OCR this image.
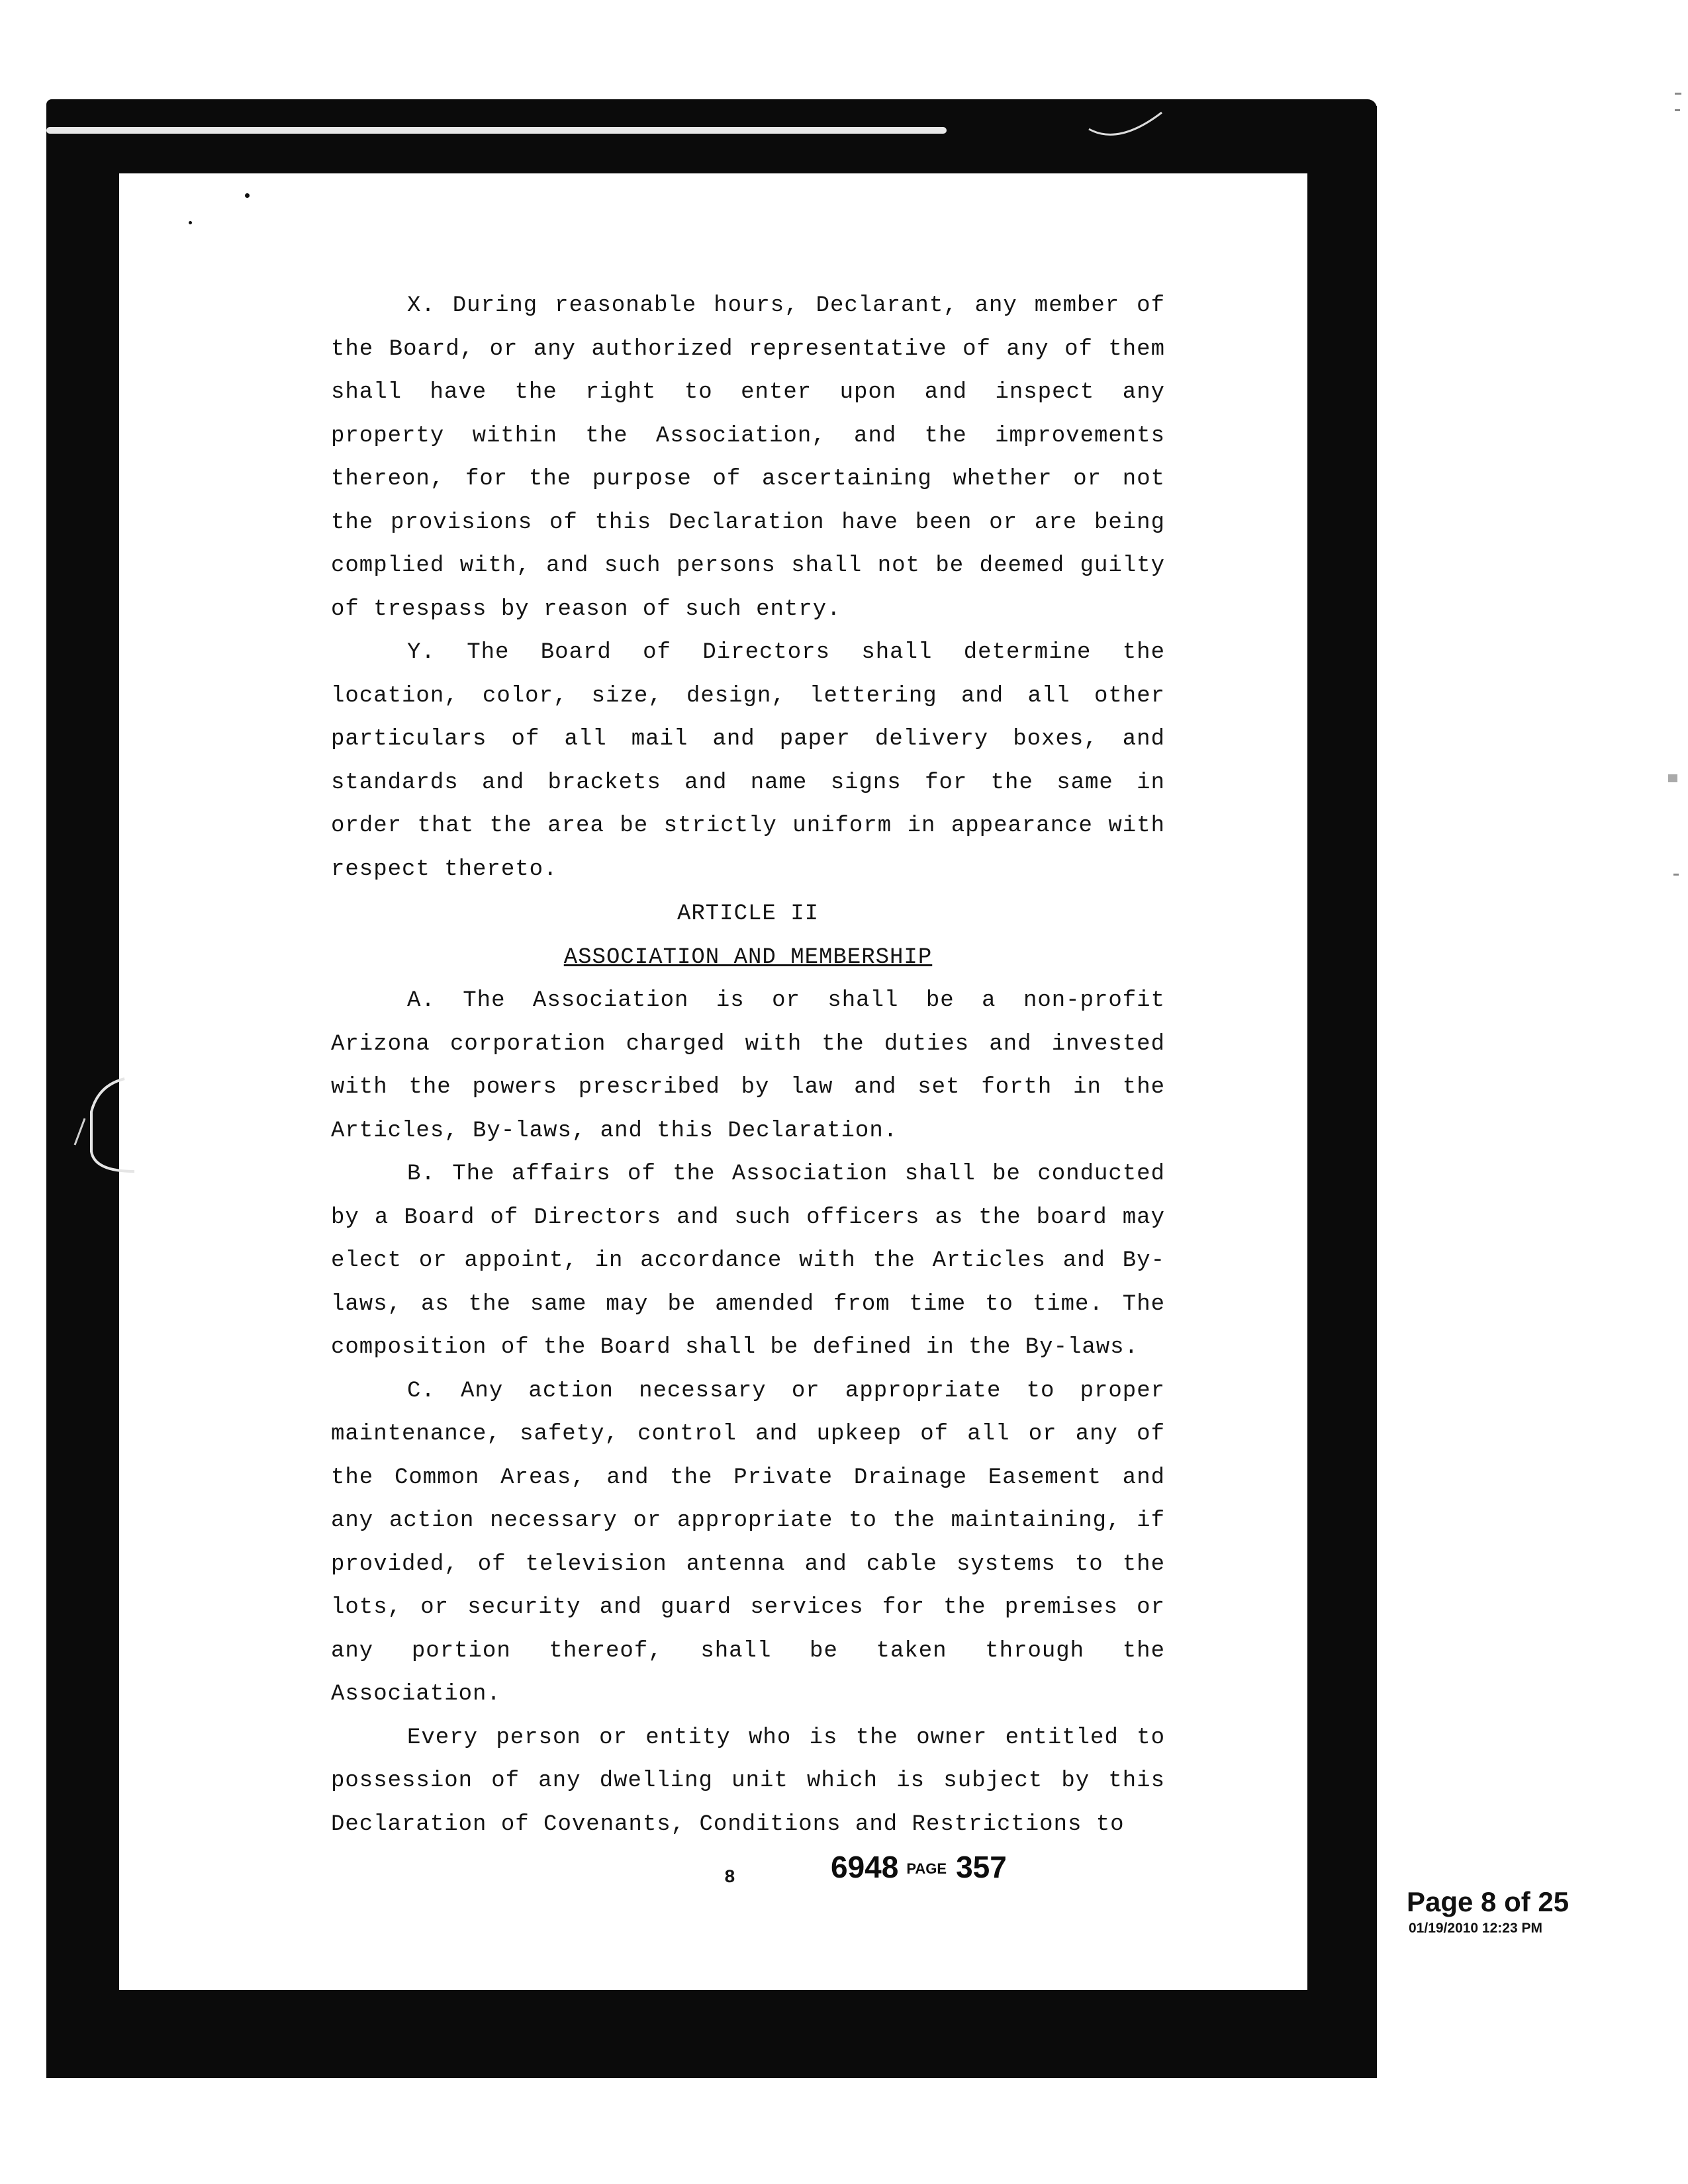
X. During reasonable hours, Declarant, any member of the Board, or any authorized representative of any of them shall have the right to enter upon and inspect any property within the Association, and the improvements thereon, for the purpose of ascertaining whether or not the provisions of this Declaration have been or are being complied with, and such persons shall not be deemed guilty of trespass by reason of such entry.

Y. The Board of Directors shall determine the location, color, size, design, lettering and all other particulars of all mail and paper delivery boxes, and standards and brackets and name signs for the same in order that the area be strictly uniform in appearance with respect thereto.

ARTICLE II

ASSOCIATION AND MEMBERSHIP

A. The Association is or shall be a non-profit Arizona corporation charged with the duties and invested with the powers prescribed by law and set forth in the Articles, By-laws, and this Declaration.

B. The affairs of the Association shall be conducted by a Board of Directors and such officers as the board may elect or appoint, in accordance with the Articles and By-laws, as the same may be amended from time to time. The composition of the Board shall be defined in the By-laws.

C. Any action necessary or appropriate to proper maintenance, safety, control and upkeep of all or any of the Common Areas, and the Private Drainage Easement and any action necessary or appropriate to the maintaining, if provided, of television antenna and cable systems to the lots, or security and guard services for the premises or any portion thereof, shall be taken through the Association.

Every person or entity who is the owner entitled to possession of any dwelling unit which is subject by this Declaration of Covenants, Conditions and Restrictions to

8	6948 PAGE 357
Page 8 of 25
01/19/2010 12:23 PM
